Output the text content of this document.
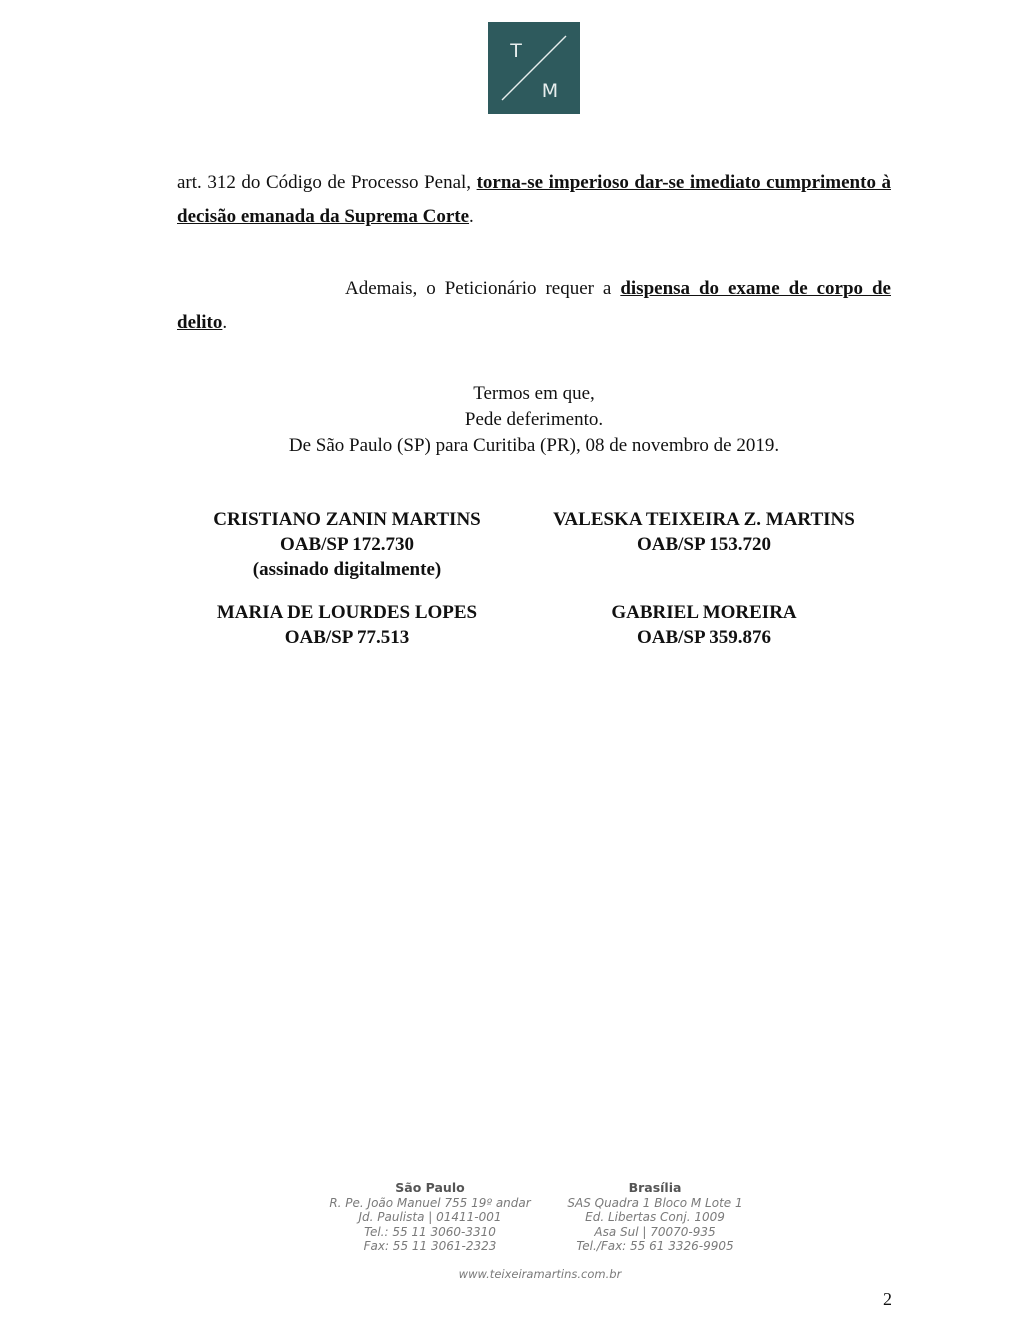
T
M
art. 312 do Código de Processo Penal, torna-se imperioso dar-se imediato cumprimento à decisão emanada da Suprema Corte.
Ademais, o Peticionário requer a dispensa do exame de corpo de delito.
Termos em que,
Pede deferimento.
De São Paulo (SP) para Curitiba (PR), 08 de novembro de 2019.
CRISTIANO ZANIN MARTINS
OAB/SP 172.730
(assinado digitalmente)
VALESKA TEIXEIRA Z. MARTINS
OAB/SP 153.720
MARIA DE LOURDES LOPES
OAB/SP 77.513
GABRIEL MOREIRA
OAB/SP 359.876
São Paulo
R. Pe. João Manuel 755 19º andar
Jd. Paulista | 01411-001
Tel.: 55 11 3060-3310
Fax: 55 11 3061-2323
Brasília
SAS Quadra 1 Bloco M Lote 1
Ed. Libertas Conj. 1009
Asa Sul | 70070-935
Tel./Fax: 55 61 3326-9905
www.teixeiramartins.com.br
2
